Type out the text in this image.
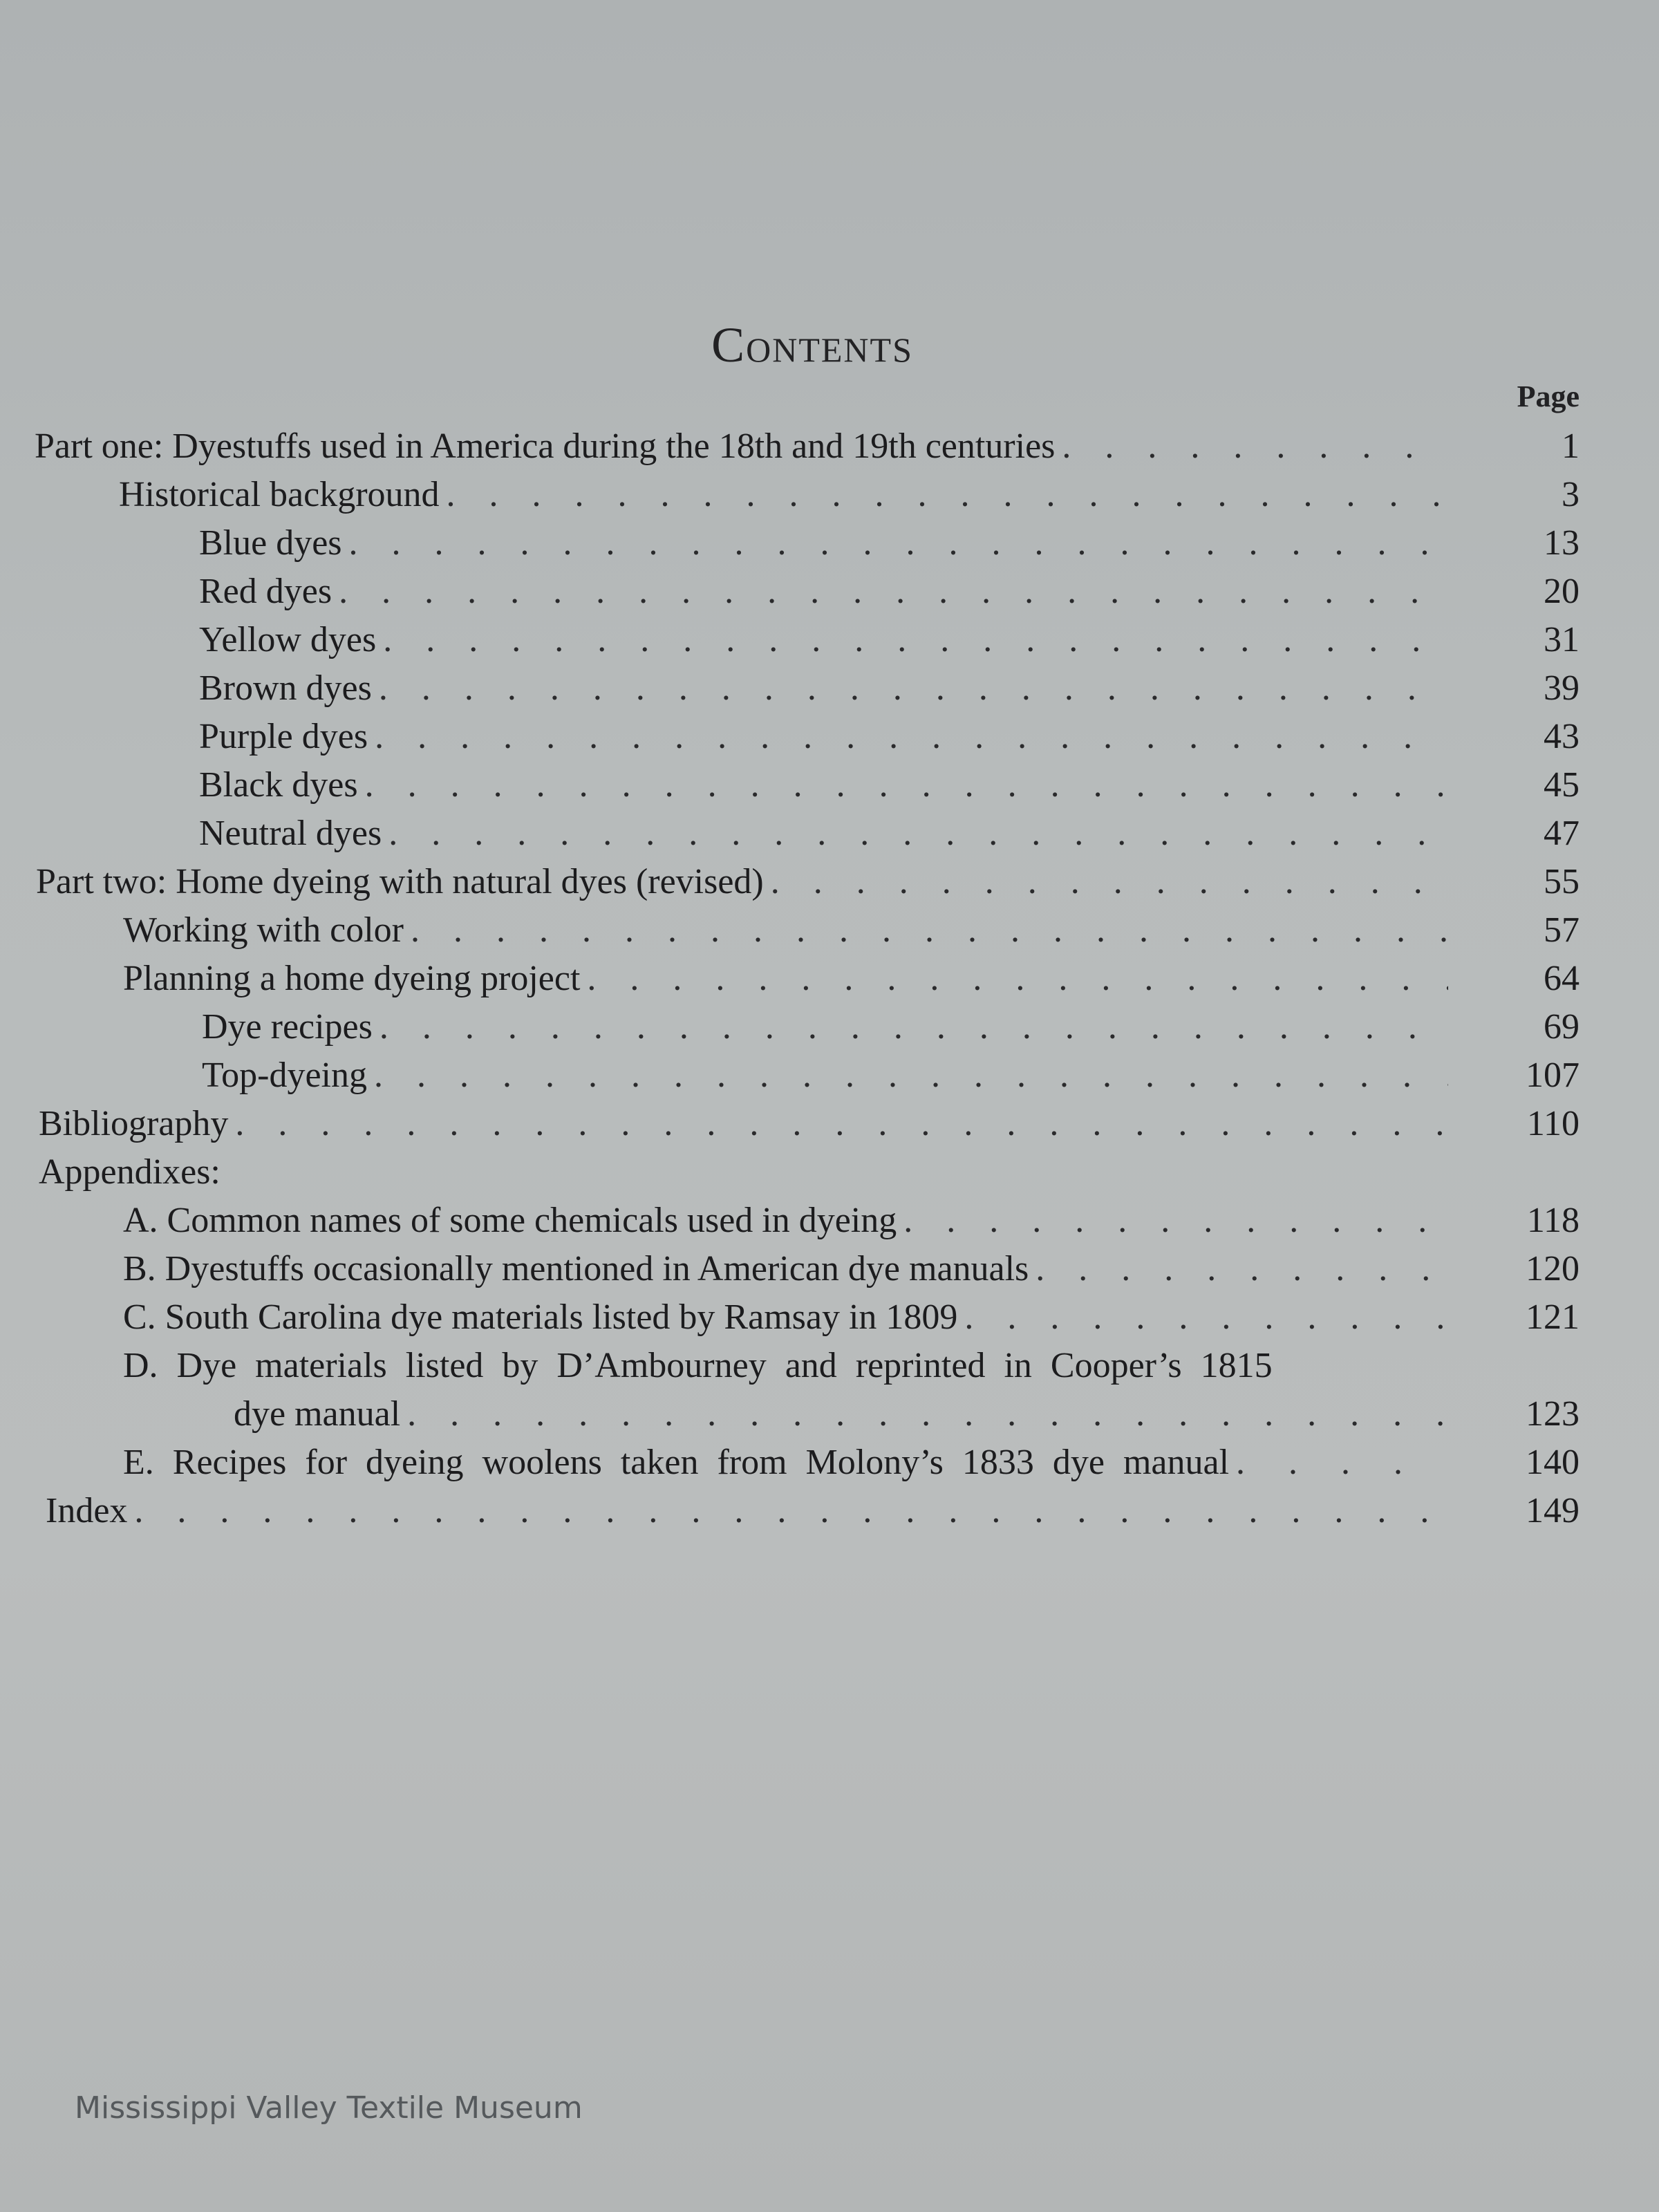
Contents
Page
Part one: Dyestuffs used in America during the 18th and 19th centuries . . .	1
Historical background . . .	3
Blue dyes . . .	13
Red dyes . . .	20
Yellow dyes . . .	31
Brown dyes . . .	39
Purple dyes . . .	43
Black dyes . . .	45
Neutral dyes . . .	47
Part two: Home dyeing with natural dyes (revised) . . .	55
Working with color . . .	57
Planning a home dyeing project . . .	64
Dye recipes . . .	69
Top-dyeing . . .	107
Bibliography . . .	110
Appendixes:
A. Common names of some chemicals used in dyeing . . .	118
B. Dyestuffs occasionally mentioned in American dye manuals . . .	120
C. South Carolina dye materials listed by Ramsay in 1809 . . .	121
D. Dye materials listed by D’Ambourney and reprinted in Cooper’s 1815
dye manual . . .	123
E. Recipes for dyeing woolens taken from Molony’s 1833 dye manual . . .	140
Index . . .	149
Mississippi Valley Textile Museum
